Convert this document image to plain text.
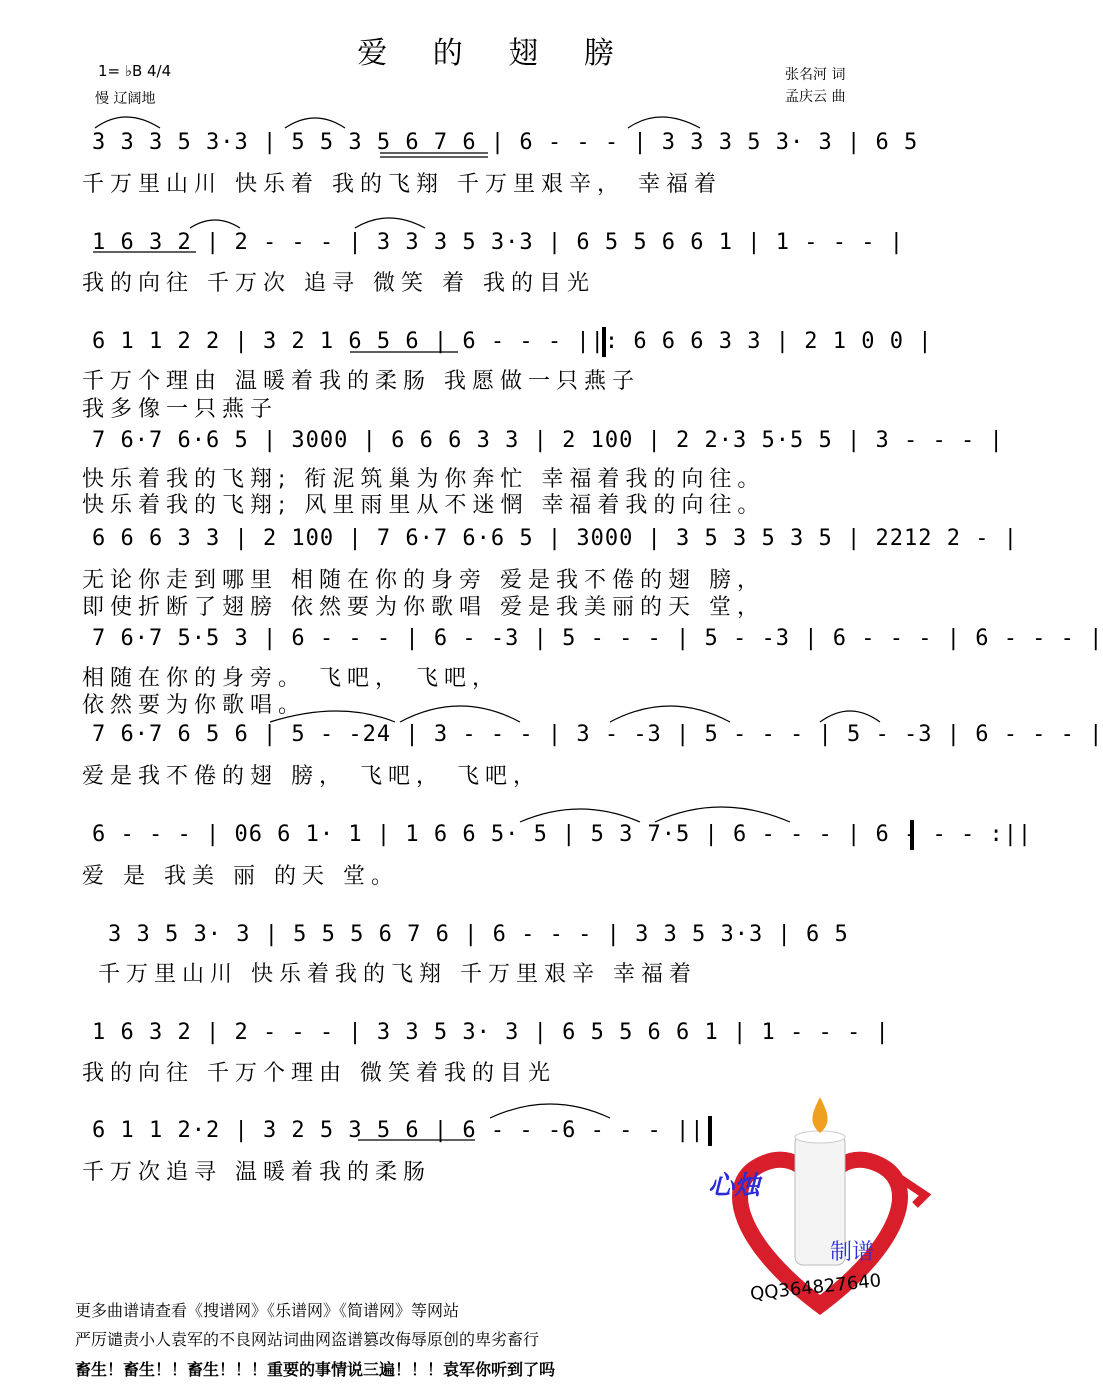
爱 的 翅 膀
1= ♭B 4/4
慢 辽阔地
张名河 词
孟庆云 曲
3 3 3 5 3·3 | 5 5 3 5 6 7 6 | 6 - - - | 3 3 3 5 3· 3 | 6 5
千万里山川 快乐着 我的飞翔 千万里艰辛， 幸福着
1 6 3 2 | 2 - - - | 3 3 3 5 3·3 | 6 5 5 6 6 1 | 1 - - - |
我的向往 千万次 追寻 微笑 着 我的目光
6 1 1 2 2 | 3 2 1 6 5 6 | 6 - - - ||: 6 6 6 3 3 | 2 1 0 0 |
千万个理由 温暖着我的柔肠 我愿做一只燕子
我多像一只燕子
7 6·7 6·6 5 | 3000 | 6 6 6 3 3 | 2 100 | 2 2·3 5·5 5 | 3 - - - |
快乐着我的飞翔; 衔泥筑巢为你奔忙 幸福着我的向往。
快乐着我的飞翔; 风里雨里从不迷惘 幸福着我的向往。
6 6 6 3 3 | 2 100 | 7 6·7 6·6 5 | 3000 | 3 5 3 5 3 5 | 2212 2 - |
无论你走到哪里 相随在你的身旁 爱是我不倦的翅 膀，
即使折断了翅膀 依然要为你歌唱 爱是我美丽的天 堂，
7 6·7 5·5 3 | 6 - - - | 6 - -3 | 5 - - - | 5 - -3 | 6 - - - | 6 - - - |
相随在你的身旁。 飞吧， 飞吧，
依然要为你歌唱。
7 6·7 6 5 6 | 5 - -24 | 3 - - - | 3 - -3 | 5 - - - | 5 - -3 | 6 - - - |
爱是我不倦的翅 膀， 飞吧， 飞吧，
6 - - - | 06 6 1· 1 | 1 6 6 5· 5 | 5 3 7·5 | 6 - - - | 6 - - - :||
爱 是 我美 丽 的天 堂。
3 3 5 3· 3 | 5 5 5 6 7 6 | 6 - - - | 3 3 5 3·3 | 6 5
千万里山川 快乐着我的飞翔 千万里艰辛 幸福着
1 6 3 2 | 2 - - - | 3 3 5 3· 3 | 6 5 5 6 6 1 | 1 - - - |
我的向往 千万个理由 微笑着我的目光
6 1 1 2·2 | 3 2 5 3 5 6 | 6 - - -6 - - - ||
千万次追寻 温暖着我的柔肠	心烛
制谱
QQ364827640
更多曲谱请查看《搜谱网》《乐谱网》《简谱网》等网站
严厉谴责小人袁军的不良网站词曲网盗谱篡改侮辱原创的卑劣畜行
畜生！畜生！！畜生！！！重要的事情说三遍！！！袁军你听到了吗
